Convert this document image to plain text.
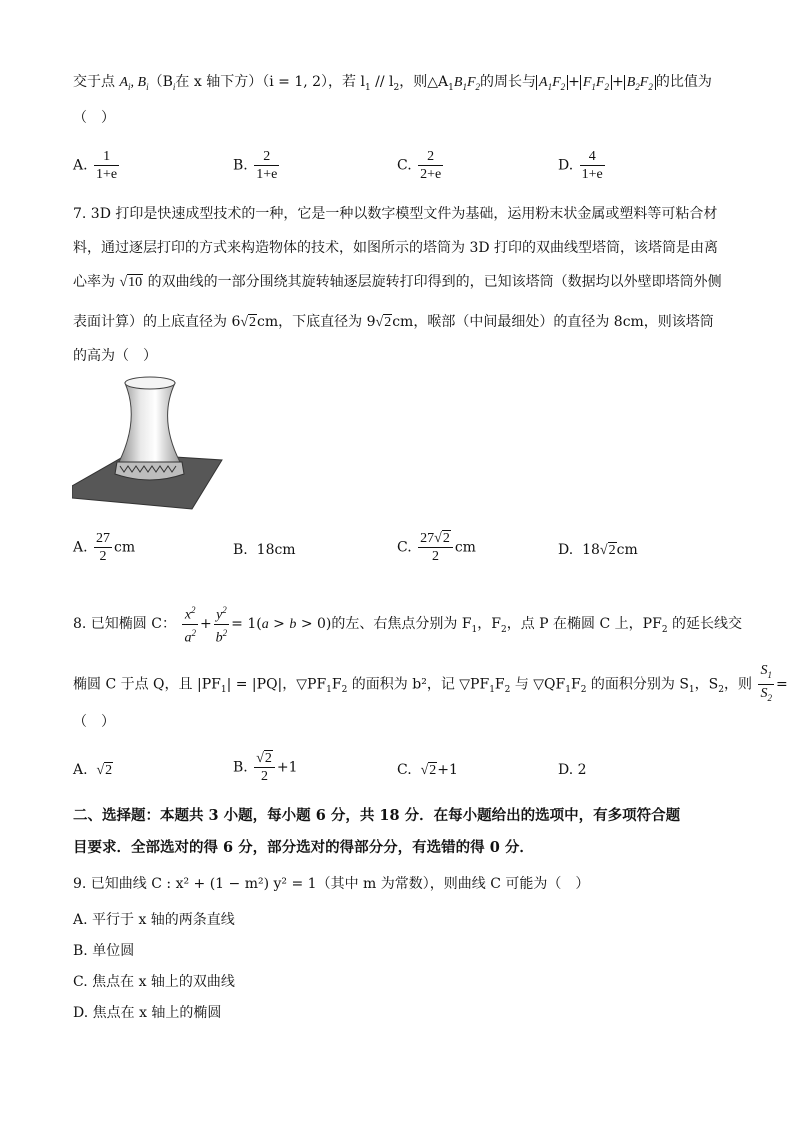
交于点 $A_i$, $B_i(B_i$在 x 轴下方）（i = 1, 2），若 $l_1 // l_2$，则$\triangle A_1B_1F_2$的周长与 $A_1F_2 + F_1F_2 + B_2F_2$ 的比值为
（　）
A. $\frac{1}{1+e}$	B. $\frac{2}{1+e}$	C. $\frac{2}{2+e}$	D. $\frac{4}{1+e}$
7. 3D 打印是快速成型技术的一种，它是一种以数字模型文件为基础，运用粉末状金属或塑料等可粘合材
料，通过逐层打印的方式来构造物体的技术，如图所示的塔筒为 3D 打印的双曲线型塔筒，该塔筒是由离
心率为 √10 的双曲线的一部分围绕其旋转轴逐层旋转打印得到的，已知该塔筒（数据均以外壁即塔筒外侧
表面计算）的上底直径为 6√2cm，下底直径为 9√2cm，喉部（中间最细处）的直径为 8cm，则该塔筒
的高为（　）
A. $\frac{27}{2}$ cm	B. 18cm	C. $\frac{27√2}{2}$ cm	D. 18√2cm
8. 已知椭圆 C： $\frac{x^2}{a^2} + \frac{y^2}{b^2} = 1(a > b > 0)$的左、右焦点分别为 $F_1$，$F_2$，点 P 在椭圆 C 上，$PF_2$ 的延长线交
椭圆 C 于点 Q，且 $|PF_1| = |PQ|$，$▽PF_1F_2$ 的面积为 b²，记 $▽PF_1F_2$ 与 $▽QF_1F_2$ 的面积分别为 $S_1$，$S_2$，则 $\frac{S_1}{S_2}$ =
（　）
A. √2	B. $\frac{√2}{2} +1$	C. √2+1	D. 2
二、选择题：本题共 3 小题，每小题 6 分，共 18 分．在每小题给出的选项中，有多项符合题
目要求．全部选对的得 6 分，部分选对的得部分分，有选错的得 0 分．
9. 已知曲线 C : x² + (1 − m²) y² = 1（其中 m 为常数），则曲线 C 可能为（　）
A. 平行于 x 轴的两条直线
B. 单位圆
C. 焦点在 x 轴上的双曲线
D. 焦点在 x 轴上的椭圆
